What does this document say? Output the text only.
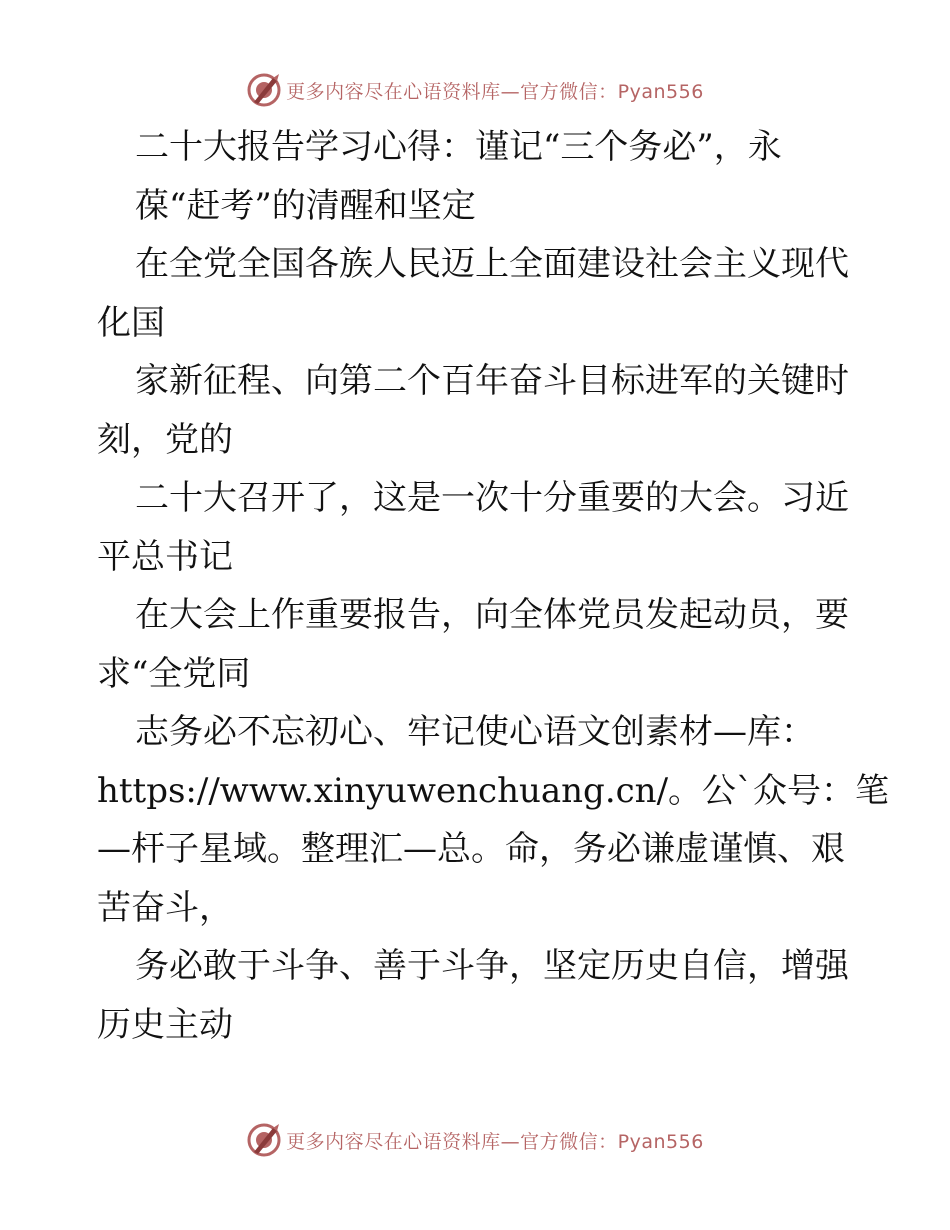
更多内容尽在心语资料库—官方微信：Pyan556
二十大报告学习心得：谨记“三个务必”，永
葆“赶考”的清醒和坚定
在全党全国各族人民迈上全面建设社会主义现代
化国
家新征程、向第二个百年奋斗目标进军的关键时
刻，党的
二十大召开了，这是一次十分重要的大会。习近
平总书记
在大会上作重要报告，向全体党员发起动员，要
求“全党同
志务必不忘初心、牢记使心语文创素材—库：
https://www.xinyuwenchuang.cn/。公`众号：笔
—杆子星域。整理汇—总。命，务必谦虚谨慎、艰
苦奋斗，
务必敢于斗争、善于斗争，坚定历史自信，增强
历史主动
更多内容尽在心语资料库—官方微信：Pyan556
